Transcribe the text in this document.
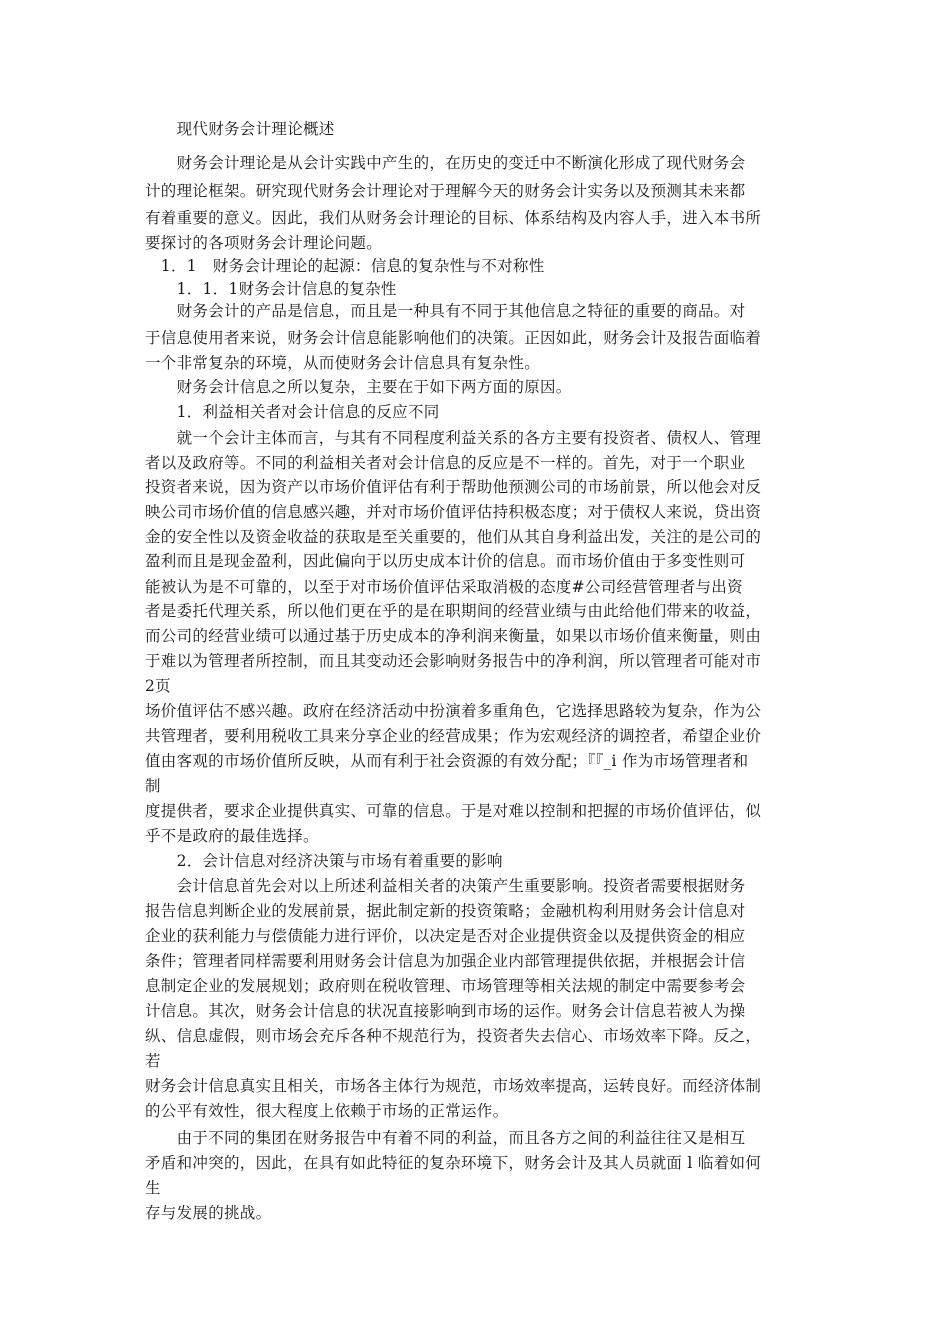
　　现代财务会计理论概述
　　财务会计理论是从会计实践中产生的，在历史的变迁中不断演化形成了现代财务会
计的理论框架。研究现代财务会计理论对于理解今天的财务会计实务以及预测其未来都
有着重要的意义。因此，我们从财务会计理论的目标、体系结构及内容人手，进入本书所
要探讨的各项财务会计理论问题。
　1．1　财务会计理论的起源：信息的复杂性与不对称性
　　1．1．1财务会计信息的复杂性
　　财务会计的产品是信息，而且是一种具有不同于其他信息之特征的重要的商品。对
于信息使用者来说，财务会计信息能影响他们的决策。正因如此，财务会计及报告面临着
一个非常复杂的环境，从而使财务会计信息具有复杂性。
　　财务会计信息之所以复杂，主要在于如下两方面的原因。
　　1．利益相关者对会计信息的反应不同
　　就一个会计主体而言，与其有不同程度利益关系的各方主要有投资者、债权人、管理
者以及政府等。不同的利益相关者对会计信息的反应是不一样的。首先，对于一个职业
投资者来说，因为资产以市场价值评估有利于帮助他预测公司的市场前景，所以他会对反
映公司市场价值的信息感兴趣，并对市场价值评估持积极态度；对于债权人来说，贷出资
金的安全性以及资金收益的获取是至关重要的，他们从其自身利益出发，关注的是公司的
盈利而且是现金盈利，因此偏向于以历史成本计价的信息。而市场价值由于多变性则可
能被认为是不可靠的，以至于对市场价值评估采取消极的态度#公司经营管理者与出资
者是委托代理关系，所以他们更在乎的是在职期间的经营业绩与由此给他们带来的收益，
而公司的经营业绩可以通过基于历史成本的净利润来衡量，如果以市场价值来衡量，则由
于难以为管理者所控制，而且其变动还会影响财务报告中的净利润，所以管理者可能对市
2页
场价值评估不感兴趣。政府在经济活动中扮演着多重角色，它选择思路较为复杂，作为公
共管理者，要利用税收工具来分享企业的经营成果；作为宏观经济的调控者，希望企业价
值由客观的市场价值所反映，从而有利于社会资源的有效分配；『『_i 作为市场管理者和
制
度提供者，要求企业提供真实、可靠的信息。于是对难以控制和把握的市场价值评估，似
乎不是政府的最佳选择。
　　2．会计信息对经济决策与市场有着重要的影响
　　会计信息首先会对以上所述利益相关者的决策产生重要影响。投资者需要根据财务
报告信息判断企业的发展前景，据此制定新的投资策略；金融机构利用财务会计信息对
企业的获利能力与偿债能力进行评价，以决定是否对企业提供资金以及提供资金的相应
条件；管理者同样需要利用财务会计信息为加强企业内部管理提供依据，并根据会计信
息制定企业的发展规划；政府则在税收管理、市场管理等相关法规的制定中需要参考会
计信息。其次，财务会计信息的状况直接影响到市场的运作。财务会计信息若被人为操
纵、信息虚假，则市场会充斥各种不规范行为，投资者失去信心、市场效率下降。反之，
若
财务会计信息真实且相关，市场各主体行为规范，市场效率提高，运转良好。而经济体制
的公平有效性，很大程度上依赖于市场的正常运作。
　　由于不同的集团在财务报告中有着不同的利益，而且各方之间的利益往往又是相互
矛盾和冲突的，因此，在具有如此特征的复杂环境下，财务会计及其人员就面 l 临着如何
生
存与发展的挑战。
